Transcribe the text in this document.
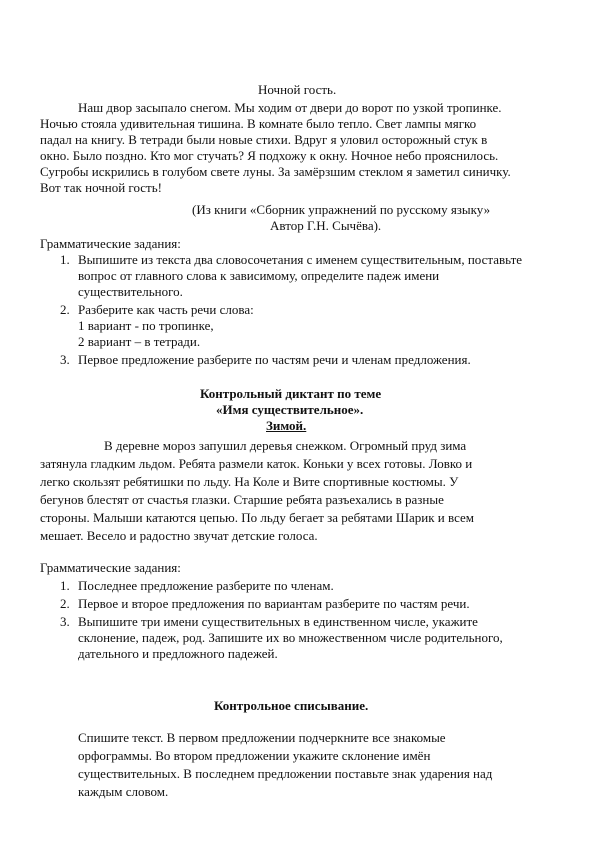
Ночной гость.
Наш двор засыпало снегом. Мы ходим от двери до ворот по узкой тропинке.
Ночью стояла удивительная тишина. В комнате было тепло. Свет лампы мягко
падал на книгу. В тетради были новые стихи. Вдруг я уловил осторожный стук в
окно. Было поздно. Кто мог стучать? Я подхожу к окну. Ночное небо прояснилось.
Сугробы искрились в голубом свете луны. За замёрзшим стеклом я заметил синичку.
Вот так ночной гость!
(Из книги «Сборник упражнений по русскому языку»
Автор Г.Н. Сычёва).
Грамматические задания:
1. Выпишите из текста два словосочетания с именем существительным, поставьте
вопрос от главного слова к зависимому, определите падеж имени
существительного.
2. Разберите как часть речи слова:
1 вариант - по тропинке,
2 вариант – в тетради.
3. Первое предложение разберите по частям речи и членам предложения.
Контрольный диктант по теме
«Имя существительное».
Зимой.
В деревне мороз запушил деревья снежком. Огромный пруд зима
затянула гладким льдом. Ребята размели каток. Коньки у всех готовы. Ловко и
легко скользят ребятишки по льду. На Коле и Вите спортивные костюмы. У
бегунов блестят от счастья глазки. Старшие ребята разъехались в разные
стороны. Малыши катаются цепью. По льду бегает за ребятами Шарик и всем
мешает. Весело и радостно звучат детские голоса.
Грамматические задания:
1. Последнее предложение разберите по членам.
2. Первое и второе предложения по вариантам разберите по частям речи.
3. Выпишите три имени существительных в единственном числе, укажите
склонение, падеж, род. Запишите их во множественном числе родительного,
дательного и предложного падежей.
Контрольное списывание.
Спишите текст. В первом предложении подчеркните все знакомые
орфограммы. Во втором предложении укажите склонение имён
существительных. В последнем предложении поставьте знак ударения над
каждым словом.
